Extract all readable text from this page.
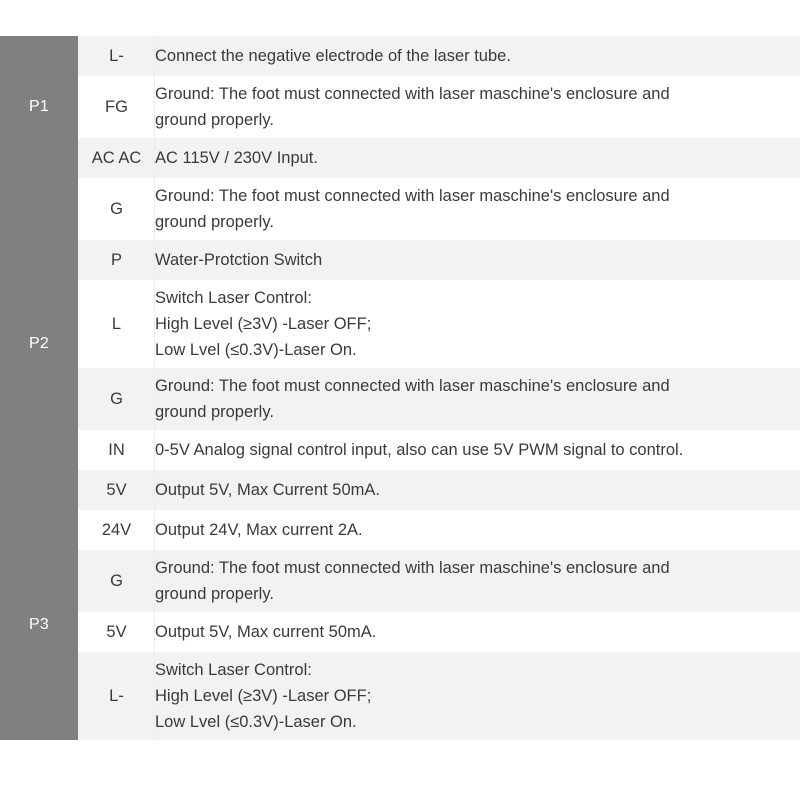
P1	L-	Connect the negative electrode of the laser tube.

	FG	Ground: The foot must connected with laser maschine's enclosure and
ground properly.

	AC AC	AC 115V / 230V Input.

P2	G	Ground: The foot must connected with laser maschine's enclosure and
ground properly.

	P	Water-Protction Switch

	L	Switch Laser Control:
High Level (≥3V) -Laser OFF;
Low Lvel (≤0.3V)-Laser On.

	G	Ground: The foot must connected with laser maschine's enclosure and
ground properly.

	IN	0-5V Analog signal control input, also can use 5V PWM signal to control.

	5V	Output 5V, Max Current 50mA.

P3	24V	Output 24V, Max current 2A.

	G	Ground: The foot must connected with laser maschine's enclosure and
ground properly.

	5V	Output 5V, Max current 50mA.

	L-	Switch Laser Control:
High Level (≥3V) -Laser OFF;
Low Lvel (≤0.3V)-Laser On.
